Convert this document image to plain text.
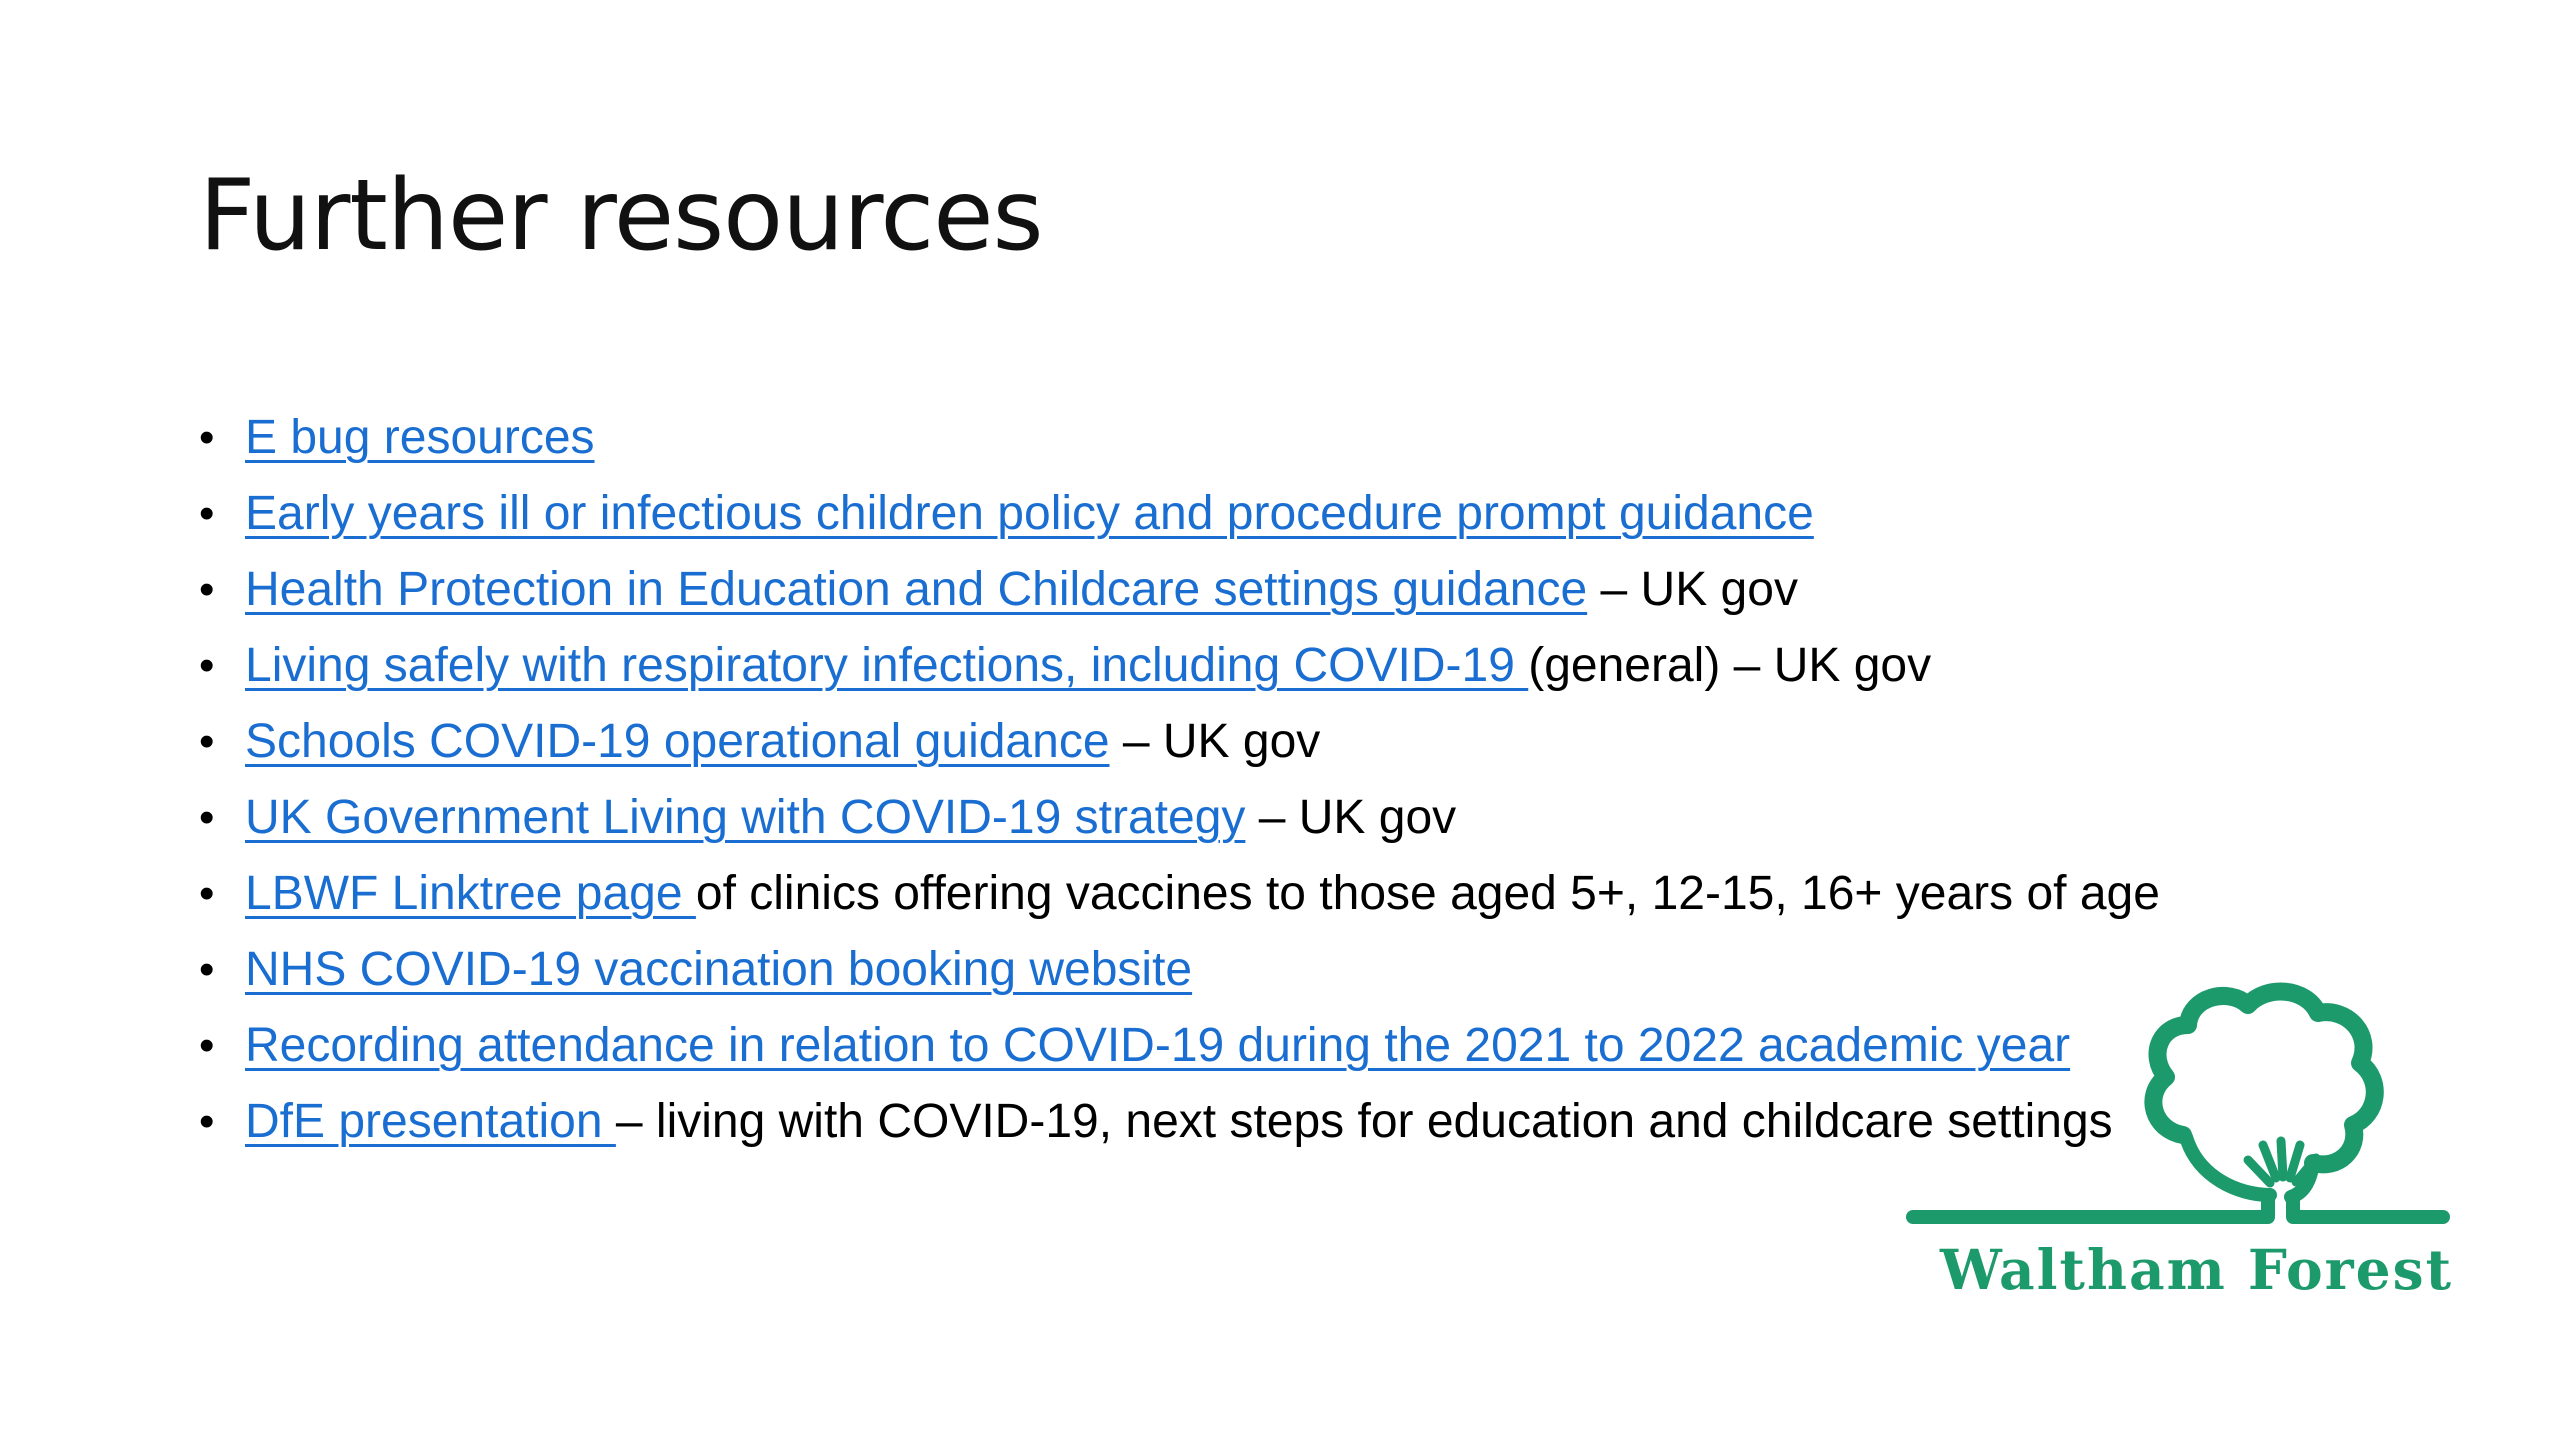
Further resources
• E bug resources
• Early years ill or infectious children policy and procedure prompt guidance
• Health Protection in Education and Childcare settings guidance – UK gov
• Living safely with respiratory infections, including COVID-19 (general) – UK gov
• Schools COVID-19 operational guidance – UK gov
• UK Government Living with COVID-19 strategy – UK gov
• LBWF Linktree page of clinics offering vaccines to those aged 5+, 12-15, 16+ years of age
• NHS COVID-19 vaccination booking website
• Recording attendance in relation to COVID-19 during the 2021 to 2022 academic year
• DfE presentation – living with COVID-19, next steps for education and childcare settings
Waltham Forest
